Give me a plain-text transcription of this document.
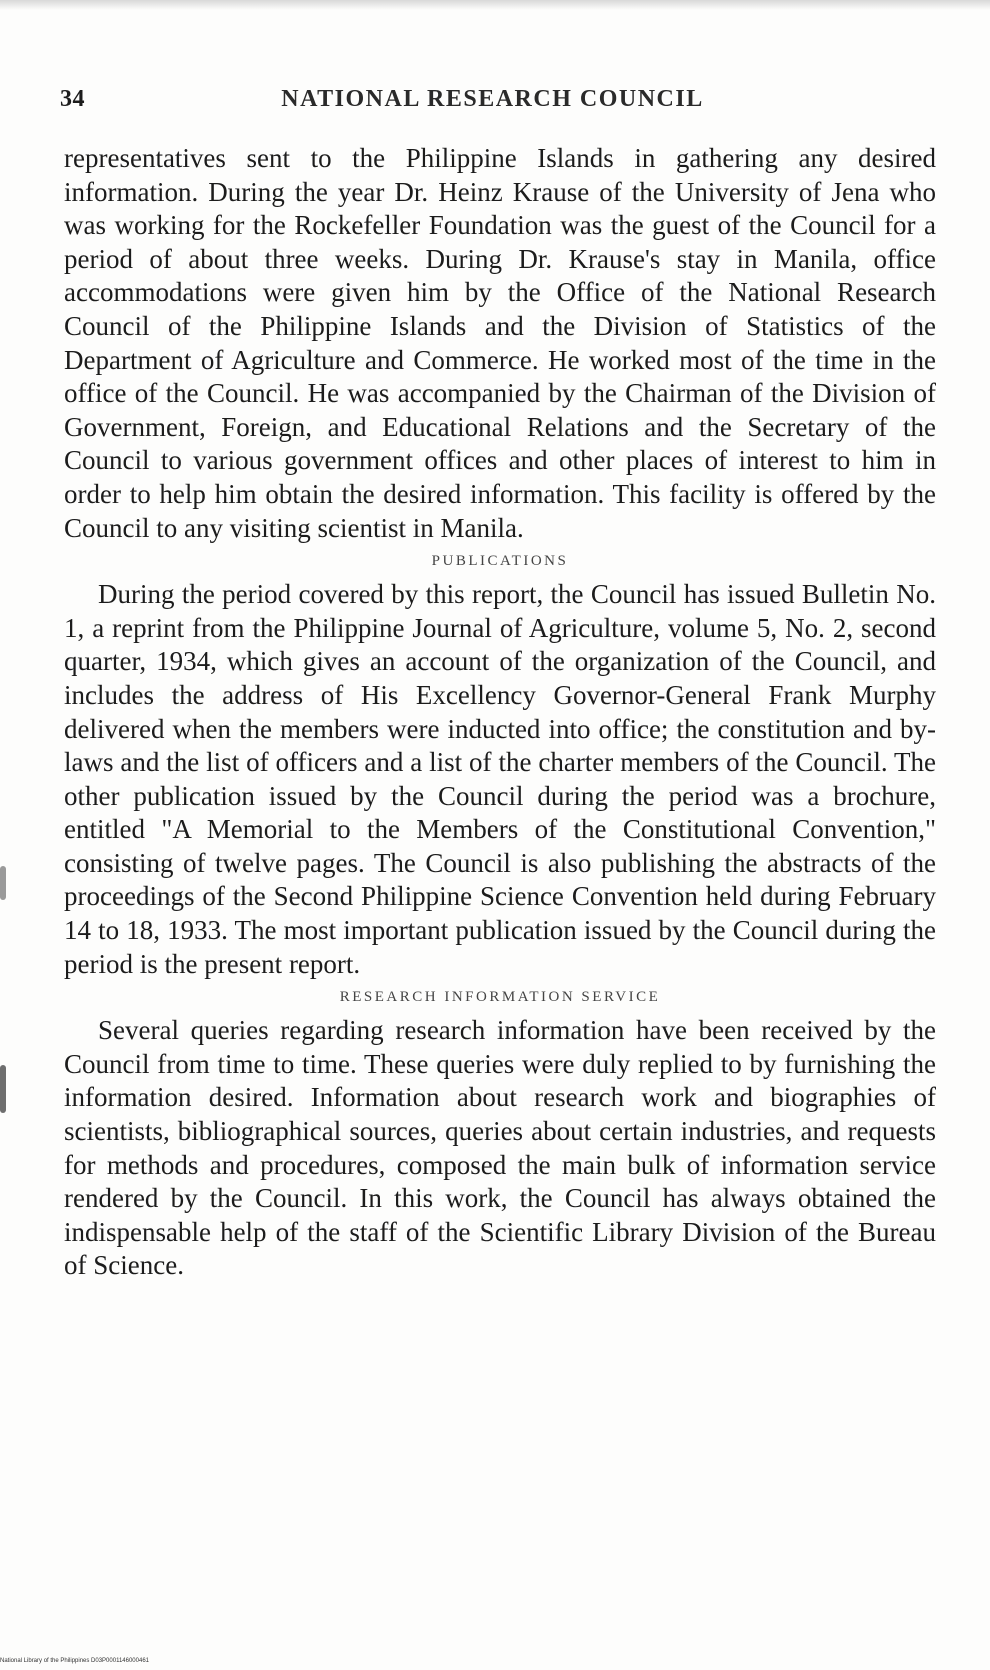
34	NATIONAL RESEARCH COUNCIL

representatives sent to the Philippine Islands in gathering any desired information. During the year Dr. Heinz Krause of the University of Jena who was working for the Rockefeller Foundation was the guest of the Council for a period of about three weeks. During Dr. Krause's stay in Manila, office accommodations were given him by the Office of the National Research Council of the Philippine Islands and the Division of Statistics of the Department of Agriculture and Commerce. He worked most of the time in the office of the Council. He was accompanied by the Chairman of the Division of Government, Foreign, and Educational Relations and the Secretary of the Council to various government offices and other places of interest to him in order to help him obtain the desired information. This facility is offered by the Council to any visiting scientist in Manila.

PUBLICATIONS

During the period covered by this report, the Council has issued Bulletin No. 1, a reprint from the Philippine Journal of Agriculture, volume 5, No. 2, second quarter, 1934, which gives an account of the organization of the Council, and includes the address of His Excellency Governor-General Frank Murphy delivered when the members were inducted into office; the constitution and by-laws and the list of officers and a list of the charter members of the Council. The other publication issued by the Council during the period was a brochure, entitled "A Memorial to the Members of the Constitutional Convention," consisting of twelve pages. The Council is also publishing the abstracts of the proceedings of the Second Philippine Science Convention held during February 14 to 18, 1933. The most important publication issued by the Council during the period is the present report.

RESEARCH INFORMATION SERVICE

Several queries regarding research information have been received by the Council from time to time. These queries were duly replied to by furnishing the information desired. Information about research work and biographies of scientists, bibliographical sources, queries about certain industries, and requests for methods and procedures, composed the main bulk of information service rendered by the Council. In this work, the Council has always obtained the indispensable help of the staff of the Scientific Library Division of the Bureau of Science.

National Library of the Philippines D03P0001146000461
